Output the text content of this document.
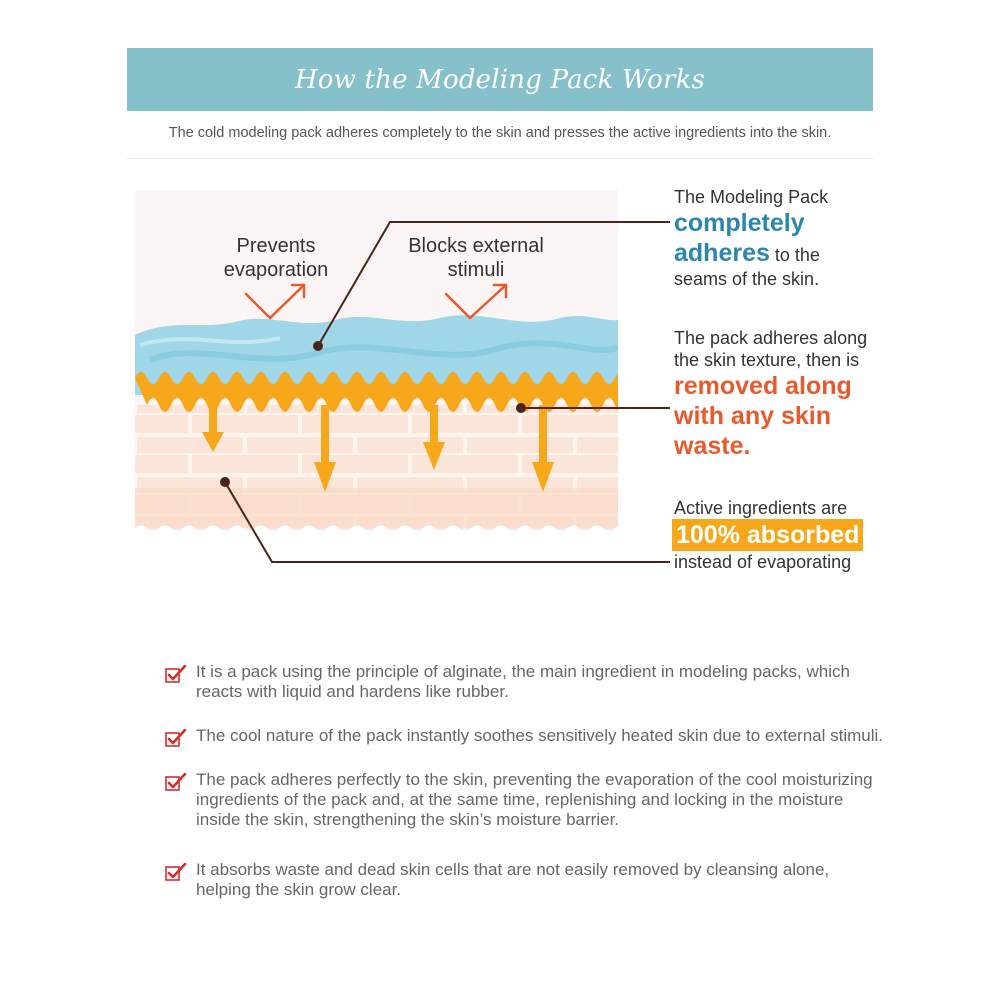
How the Modeling Pack Works
The cold modeling pack adheres completely to the skin and presses the active ingredients into the skin.
Prevents
evaporation
Blocks external
stimuli
The Modeling Pack
completely
adheres to the
seams of the skin.
The pack adheres along
the skin texture, then is
removed along
with any skin
waste.
Active ingredients are
100% absorbed
instead of evaporating
It is a pack using the principle of alginate, the main ingredient in modeling packs, which reacts with liquid and hardens like rubber.
The cool nature of the pack instantly soothes sensitively heated skin due to external stimuli.
The pack adheres perfectly to the skin, preventing the evaporation of the cool moisturizing ingredients of the pack and, at the same time, replenishing and locking in the moisture inside the skin, strengthening the skin’s moisture barrier.
It absorbs waste and dead skin cells that are not easily removed by cleansing alone, helping the skin grow clear.
